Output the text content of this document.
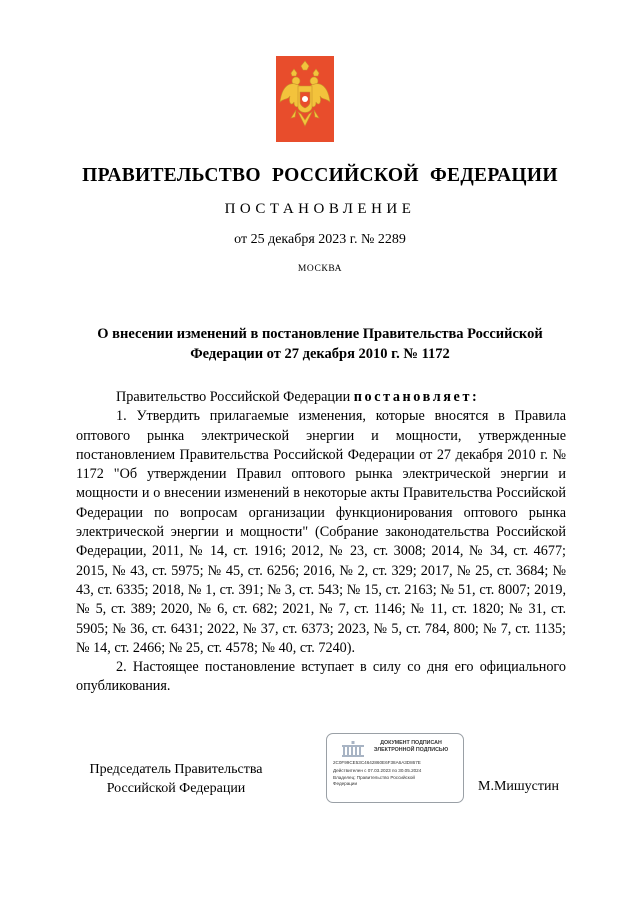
ПРАВИТЕЛЬСТВО РОССИЙСКОЙ ФЕДЕРАЦИИ
ПОСТАНОВЛЕНИЕ
от 25 декабря 2023 г. № 2289
МОСКВА
О внесении изменений в постановление Правительства Российской Федерации от 27 декабря 2010 г. № 1172

Правительство Российской Федерации постановляет:

1. Утвердить прилагаемые изменения, которые вносятся в Правила оптового рынка электрической энергии и мощности, утвержденные постановлением Правительства Российской Федерации от 27 декабря 2010 г. № 1172 "Об утверждении Правил оптового рынка электрической энергии и мощности и о внесении изменений в некоторые акты Правительства Российской Федерации по вопросам организации функционирования оптового рынка электрической энергии и мощности" (Собрание законодательства Российской Федерации, 2011, № 14, ст. 1916; 2012, № 23, ст. 3008; 2014, № 34, ст. 4677; 2015, № 43, ст. 5975; № 45, ст. 6256; 2016, № 2, ст. 329; 2017, № 25, ст. 3684; № 43, ст. 6335; 2018, № 1, ст. 391; № 3, ст. 543; № 15, ст. 2163; № 51, ст. 8007; 2019, № 5, ст. 389; 2020, № 6, ст. 682; 2021, № 7, ст. 1146; № 11, ст. 1820; № 31, ст. 5905; № 36, ст. 6431; 2022, № 37, ст. 6373; 2023, № 5, ст. 784, 800; № 7, ст. 1135; № 14, ст. 2466; № 25, ст. 4578; № 40, ст. 7240).

2. Настоящее постановление вступает в силу со дня его официального опубликования.

Председатель Правительства
Российской Федерации
ДОКУМЕНТ ПОДПИСАН
ЭЛЕКТРОННОЙ ПОДПИСЬЮ
2C0F99CE53C4642860E6F38A6A3D867E
Действителен с 07.03.2023 по 30.05.2024
Владелец: Правительство Российской
Федерации	М.Мишустин
